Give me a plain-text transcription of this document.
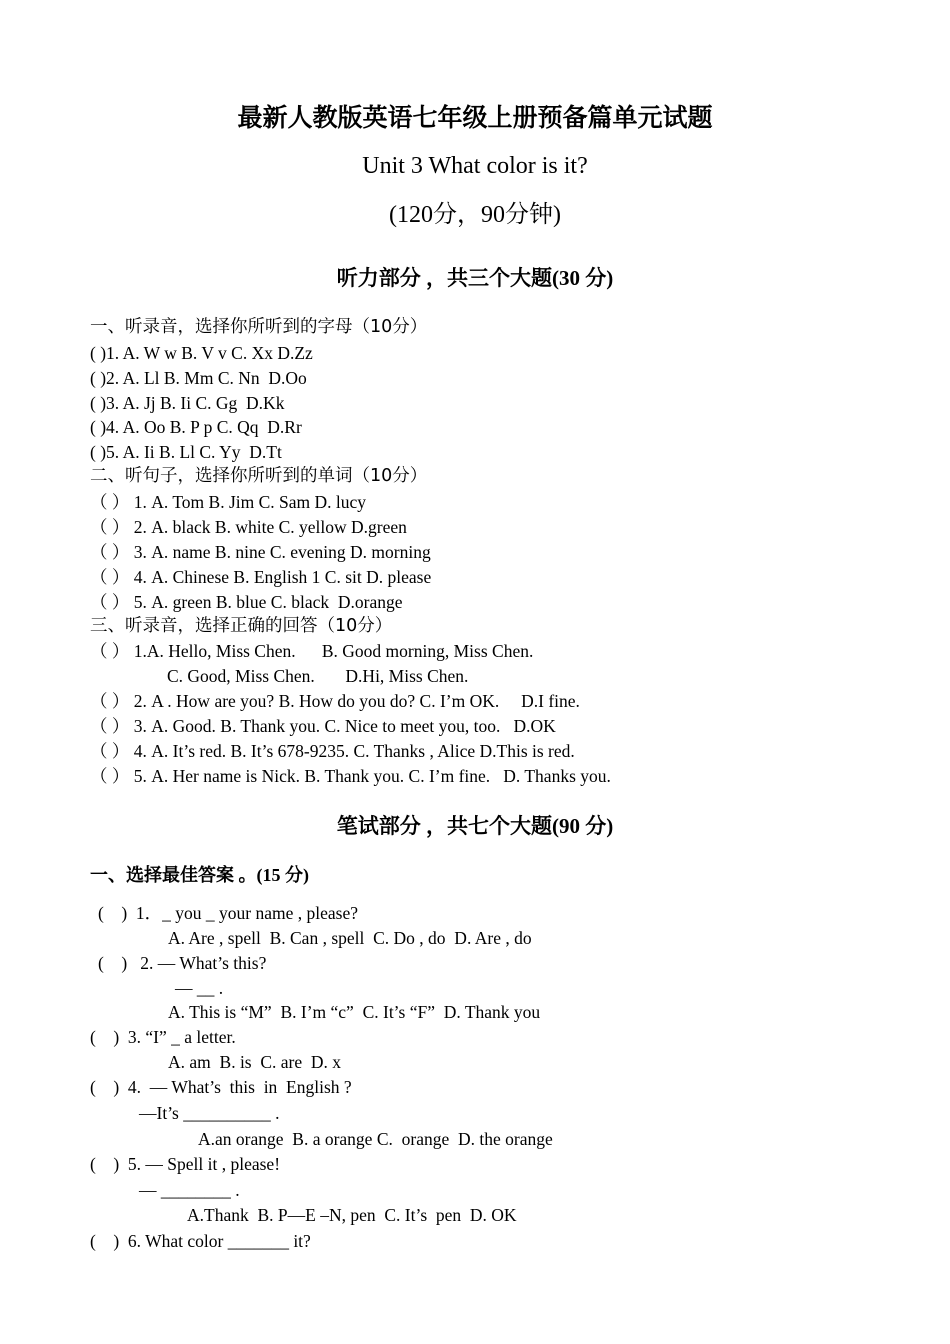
最新人教版英语七年级上册预备篇单元试题
Unit 3 What color is it?
(120分，90分钟)
听力部分 ，共三个大题(30 分)
一、听录音，选择你所听到的字母（10分）
( )1. A. W w B. V v C. Xx D.Zz
( )2. A. Ll B. Mm C. Nn  D.Oo
( )3. A. Jj B. Ii C. Gg  D.Kk
( )4. A. Oo B. P p C. Qq  D.Rr
( )5. A. Ii B. Ll C. Yy  D.Tt
二、听句子，选择你所听到的单词（10分）
（ ） 1. A. Tom B. Jim C. Sam D. lucy
（ ） 2. A. black B. white C. yellow D.green
（ ） 3. A. name B. nine C. evening D. morning
（ ） 4. A. Chinese B. English 1 C. sit D. please
（ ） 5. A. green B. blue C. black  D.orange
三、听录音，选择正确的回答（10分）
（ ） 1.A. Hello, Miss Chen.      B. Good morning, Miss Chen.
C. Good, Miss Chen.       D.Hi, Miss Chen.
（ ） 2. A . How are you? B. How do you do? C. I’m OK.     D.I fine.
（ ） 3. A. Good. B. Thank you. C. Nice to meet you, too.   D.OK
（ ） 4. A. It’s red. B. It’s 678-9235. C. Thanks , Alice D.This is red.
（ ） 5. A. Her name is Nick. B. Thank you. C. I’m fine.   D. Thanks you.
笔试部分 ，共七个大题(90 分)
一、选择最佳答案 。(15 分)
(    )  1．_ you _ your name , please?
A. Are , spell  B. Can , spell  C. Do , do  D. Are , do
(    )   2. — What’s this?
— __ .
A. This is “M”  B. I’m “c”  C. It’s “F”  D. Thank you
(    )  3. “I” _ a letter.
A. am  B. is  C. are  D. x
(    )  4.  — What’s  this  in  English ?
—It’s __________ .
A.an orange  B. a orange C.  orange  D. the orange
(    )  5. — Spell it , please!
— ________ .
A.Thank  B. P—E –N, pen  C. It’s  pen  D. OK
(    )  6. What color _______ it?
